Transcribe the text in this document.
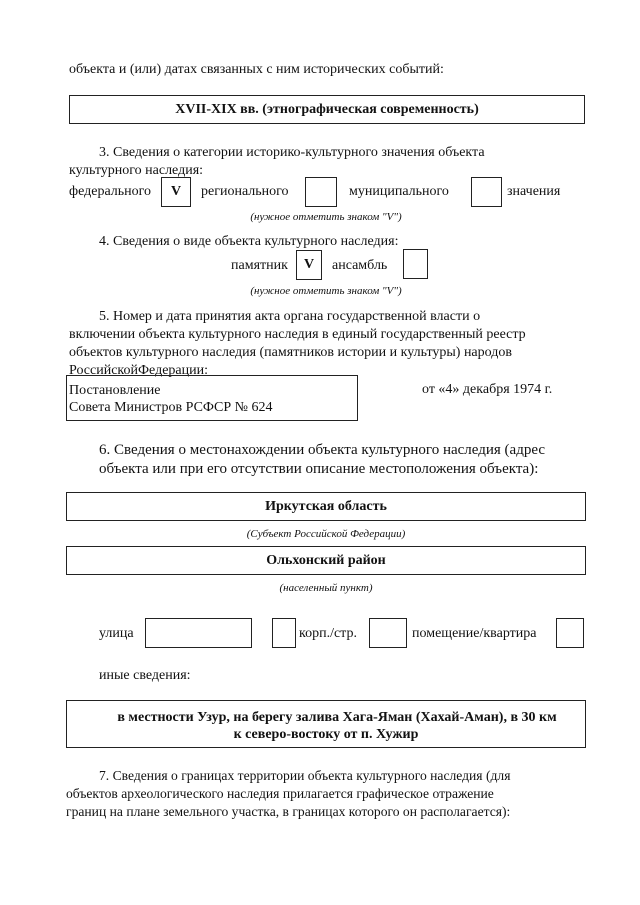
объекта и (или) датах связанных с ним исторических событий:
XVII-XIX вв. (этнографическая современность)
3. Сведения о категории историко-культурного значения объекта
культурного наследия:
федерального	V	регионального	муниципального	значения
(нужное отметить знаком "V")
4. Сведения о виде объекта культурного наследия:
памятник	V	ансамбль
(нужное отметить знаком "V")
5. Номер и дата принятия акта органа государственной власти о
включении объекта культурного наследия в единый государственный реестр
объектов культурного наследия (памятников истории и культуры) народов
РоссийскойФедерации:
Постановление
Совета Министров РСФСР № 624
от «4» декабря 1974 г.
6. Сведения о местонахождении объекта культурного наследия (адрес
объекта или при его отсутствии описание местоположения объекта):
Иркутская область
(Субъект Российской Федерации)
Ольхонский район
(населенный пункт)
улица	корп./стр.	помещение/квартира
иные сведения:
в местности Узур, на берегу залива Хага-Яман (Хахай-Аман), в 30 км
к северо-востоку от п. Хужир
7. Сведения о границах территории объекта культурного наследия (для
объектов археологического наследия прилагается графическое отражение
границ на плане земельного участка, в границах которого он располагается):
